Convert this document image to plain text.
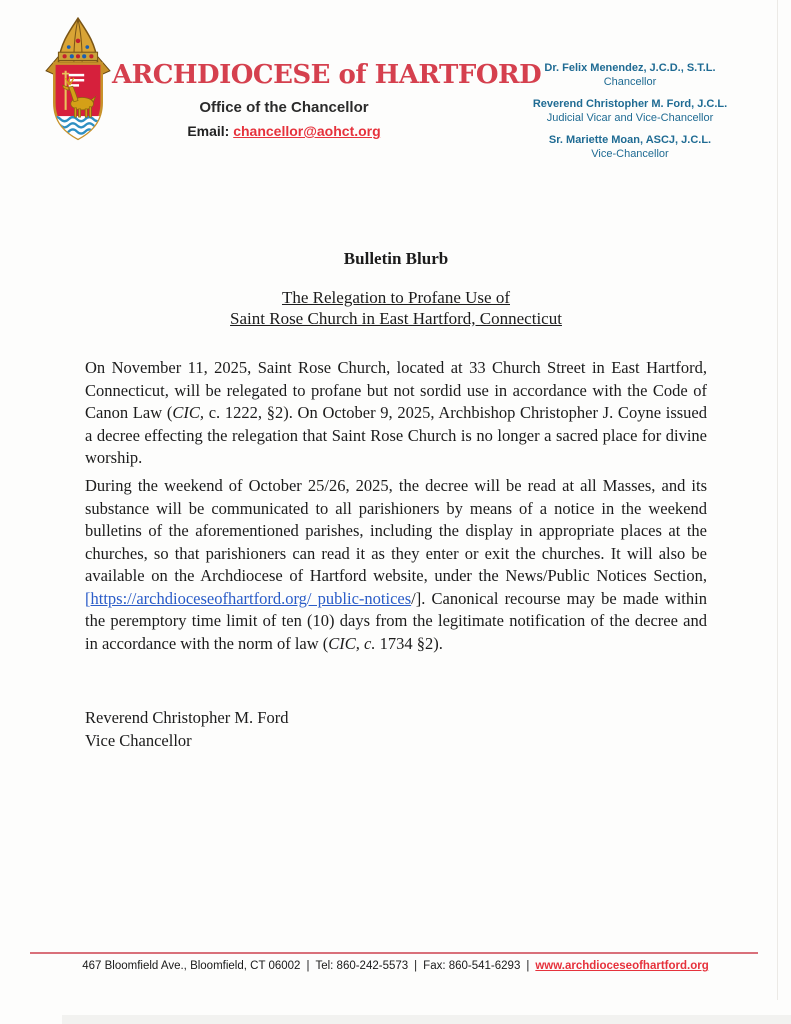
ARCHDIOCESE of HARTFORD
Office of the Chancellor
Email: chancellor@aohct.org
Dr. Felix Menendez, J.C.D., S.T.L.
Chancellor
Reverend Christopher M. Ford, J.C.L.
Judicial Vicar and Vice-Chancellor
Sr. Mariette Moan, ASCJ, J.C.L.
Vice-Chancellor
Bulletin Blurb
The Relegation to Profane Use of
Saint Rose Church in East Hartford, Connecticut
On November 11, 2025, Saint Rose Church, located at 33 Church Street in East Hartford, Connecticut, will be relegated to profane but not sordid use in accordance with the Code of Canon Law (CIC, c. 1222, §2). On October 9, 2025, Archbishop Christopher J. Coyne issued a decree effecting the relegation that Saint Rose Church is no longer a sacred place for divine worship.
During the weekend of October 25/26, 2025, the decree will be read at all Masses, and its substance will be communicated to all parishioners by means of a notice in the weekend bulletins of the aforementioned parishes, including the display in appropriate places at the churches, so that parishioners can read it as they enter or exit the churches. It will also be available on the Archdiocese of Hartford website, under the News/Public Notices Section, [https://archdioceseofhartford.org/ public-notices/]. Canonical recourse may be made within the peremptory time limit of ten (10) days from the legitimate notification of the decree and in accordance with the norm of law (CIC, c. 1734 §2).
Reverend Christopher M. Ford
Vice Chancellor
467 Bloomfield Ave., Bloomfield, CT 06002 | Tel: 860-242-5573 | Fax: 860-541-6293 | www.archdioceseofhartford.org
